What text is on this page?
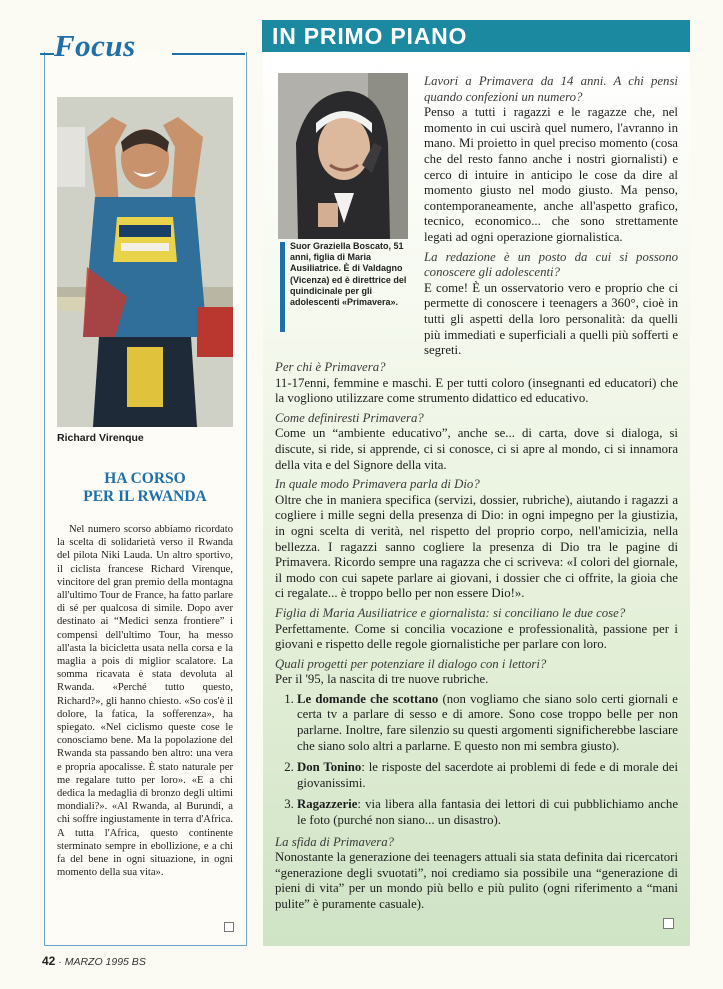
Focus
Richard Virenque
HA CORSO
PER IL RWANDA
Nel numero scorso abbiamo ricordato la scelta di solidarietà verso il Rwanda del pilota Niki Lauda. Un altro sportivo, il ciclista francese Richard Virenque, vincitore del gran premio della montagna all'ultimo Tour de France, ha fatto parlare di sé per qualcosa di simile. Dopo aver destinato ai “Medici senza frontiere” i compensi dell'ultimo Tour, ha messo all'asta la bicicletta usata nella corsa e la maglia a pois di miglior scalatore. La somma ricavata è stata devoluta al Rwanda. «Perché tutto questo, Richard?», gli hanno chiesto. «So cos'è il dolore, la fatica, la sofferenza», ha spiegato. «Nel ciclismo queste cose le conosciamo bene. Ma la popolazione del Rwanda sta passando ben altro: una vera e propria apocalisse. È stato naturale per me regalare tutto per loro». «E a chi dedica la medaglia di bronzo degli ultimi mondiali?». «Al Rwanda, al Burundi, a chi soffre ingiustamente in terra d'Africa. A tutta l'Africa, questo continente sterminato sempre in ebollizione, e a chi fa del bene in ogni situazione, in ogni momento della sua vita».
IN PRIMO PIANO
Suor Graziella Boscato, 51 anni, figlia di Maria Ausiliatrice. È di Valdagno (Vicenza) ed è direttrice del quindicinale per gli adolescenti «Primavera».

Lavori a Primavera da 14 anni. A chi pensi quando confezioni un numero?

Penso a tutti i ragazzi e le ragazze che, nel momento in cui uscirà quel numero, l'avranno in mano. Mi proietto in quel preciso momento (cosa che del resto fanno anche i nostri giornalisti) e cerco di intuire in anticipo le cose da dire al momento giusto nel modo giusto. Ma penso, contemporaneamente, anche all'aspetto grafico, tecnico, economico... che sono strettamente legati ad ogni operazione giornalistica.

La redazione è un posto da cui si possono conoscere gli adolescenti?

E come! È un osservatorio vero e proprio che ci permette di conoscere i teenagers a 360°, cioè in tutti gli aspetti della loro personalità: da quelli più immediati e superficiali a quelli più sofferti e segreti.

Per chi è Primavera?

11-17enni, femmine e maschi. E per tutti coloro (insegnanti ed educatori) che la vogliono utilizzare come strumento didattico ed educativo.

Come definiresti Primavera?

Come un “ambiente educativo”, anche se... di carta, dove si dialoga, si discute, si ride, si apprende, ci si conosce, ci si apre al mondo, ci si innamora della vita e del Signore della vita.

In quale modo Primavera parla di Dio?

Oltre che in maniera specifica (servizi, dossier, rubriche), aiutando i ragazzi a cogliere i mille segni della presenza di Dio: in ogni impegno per la giustizia, in ogni scelta di verità, nel rispetto del proprio corpo, nell'amicizia, nella bellezza. I ragazzi sanno cogliere la presenza di Dio tra le pagine di Primavera. Ricordo sempre una ragazza che ci scriveva: «I colori del giornale, il modo con cui sapete parlare ai giovani, i dossier che ci offrite, la gioia che ci regalate... è troppo bello per non essere Dio!».

Figlia di Maria Ausiliatrice e giornalista: si conciliano le due cose?

Perfettamente. Come si concilia vocazione e professionalità, passione per i giovani e rispetto delle regole giornalistiche per parlare con loro.

Quali progetti per potenziare il dialogo con i lettori?

Per il '95, la nascita di tre nuove rubriche.

1. Le domande che scottano (non vogliamo che siano solo certi giornali e certa tv a parlare di sesso e di amore. Sono cose troppo belle per non parlarne. Inoltre, fare silenzio su questi argomenti significherebbe lasciare che siano solo altri a parlarne. E questo non mi sembra giusto).
2. Don Tonino: le risposte del sacerdote ai problemi di fede e di morale dei giovanissimi.
3. Ragazzerie: via libera alla fantasia dei lettori di cui pubblichiamo anche le foto (purché non siano... un disastro).

La sfida di Primavera?

Nonostante la generazione dei teenagers attuali sia stata definita dai ricercatori “generazione degli svuotati”, noi crediamo sia possibile una “generazione di pieni di vita” per un mondo più bello e più pulito (ogni riferimento a “mani pulite” è puramente casuale).

42 · MARZO 1995 BS
